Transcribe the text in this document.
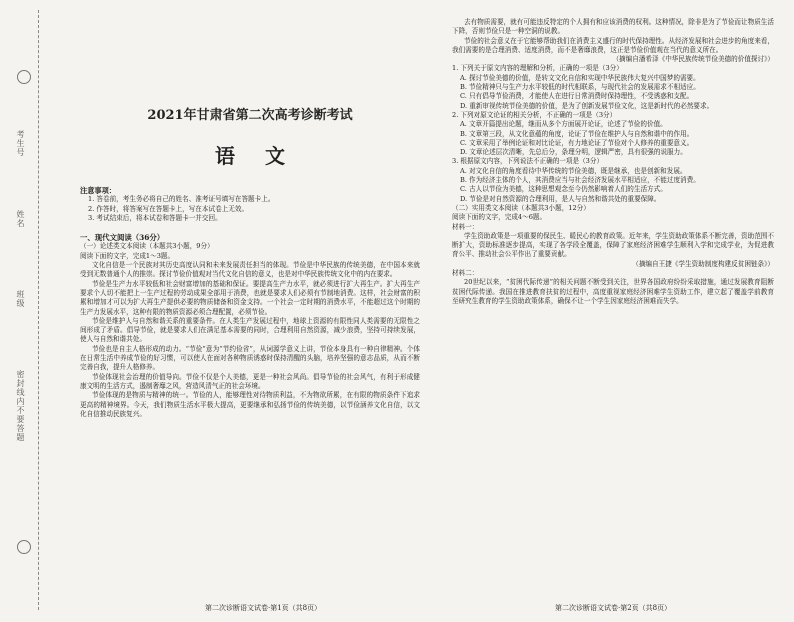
考生号
姓名
班级
密封线内不要答题
2021年甘肃省第二次高考诊断考试
语文
注意事项：
1. 答卷前，考生务必将自己的姓名、准考证号填写在答题卡上。
2. 作答时，将答案写在答题卡上，写在本试卷上无效。
3. 考试结束后，将本试卷和答题卡一并交回。
一、现代文阅读（36分）
（一）论述类文本阅读（本题共3小题，9分）
阅读下面的文字，完成1～3题。

文化自信是一个民族对其历史高度认同和未来发展责任担当的体现。节俭是中华民族的传统美德，在中国本来就受到无数普通个人的推崇。探讨节俭价值观对当代文化自信的意义，也是对中华民族传统文化中的内在要求。

节俭是生产力水平较低和社会财富增加的基础和保证。要提高生产力水平，就必须进行扩大再生产。扩大再生产要求个人切不能把上一生产过程的劳动成果全部用于消费，也就是要求人们必须有节制地消费。这样，社会财富的积累和增加才可以为扩大再生产提供必要的物质储备和资金支持。一个社会一定时期的消费水平，不能超过这个时期的生产力发展水平，这种有限的物质资源必须合理配置，必须节俭。

节俭是维护人与自然和谐关系的重要条件。在人类生产发展过程中，地球上资源的有限性同人类需要的无限性之间形成了矛盾。倡导节俭，就是要求人们在满足基本需要的同时，合理利用自然资源，减少浪费，坚持可持续发展，使人与自然和谐共处。

节俭也是自主人格形成的动力。“节俭”意为“节约俭省”，从词源学意义上讲，节俭本身具有一种自律精神。个体在日常生活中养成节俭的好习惯，可以使人在面对各种物质诱惑时保持清醒的头脑，培养坚强的意志品质，从而不断完善自我，提升人格修养。

节俭体现社会治理的价值导向。节俭不仅是个人美德，更是一种社会风尚。倡导节俭的社会风气，有利于形成健康文明的生活方式，遏制奢靡之风，营造风清气正的社会环境。

节俭体现的是物质与精神的统一。节俭的人，能够理性对待物质利益，不为物欲所累，在有限的物质条件下追求更高的精神境界。今天，我们物质生活水平极大提高，更要继承和弘扬节俭的传统美德，以节俭涵养文化自信，以文化自信推动民族复兴。

去有物质需要，就有可能违反特定的个人拥有和应该消费的权利。这种情况，除非是为了节俭而让物质生活下降，否则节俭只是一种空洞的说教。

节俭的社会意义在于它能够帮助我们在消费主义盛行的时代保持理性。从经济发展和社会进步的角度来看，我们需要的是合理消费、适度消费，而不是奢靡浪费，这正是节俭价值观在当代的意义所在。

（摘编自潘希泽《中华民族传统节俭美德的价值探讨》）
1. 下列关于原文内容的理解和分析，正确的一项是（3分）
A. 探讨节俭美德的价值，是转文文化自信和实现中华民族伟大复兴中国梦的需要。
B. 节俭精神只与生产力水平较低的时代相联系，与现代社会的发展需求不相适应。
C. 只有倡导节俭消费，才能使人在进行日常消费时保持理性，不受诱惑和支配。
D. 重新审视传统节俭美德的价值，是为了创新发展节俭文化，这是新时代的必然要求。
2. 下列对原文论证的相关分析，不正确的一项是（3分）
A. 文章开篇提出论题，继而从多个方面展开论证，论述了节俭的价值。
B. 文章第三段，从文化意蕴的角度，论证了节俭在维护人与自然和谐中的作用。
C. 文章采用了举例论证和对比论证，有力地论证了节俭对个人修养的重要意义。
D. 文章论述层次清晰，先总后分，条理分明，逻辑严密，具有很强的说服力。
3. 根据原文内容，下列说法不正确的一项是（3分）
A. 对文化自信的角度看待中华传统的节俭美德，既是继承，也是创新和发展。
B. 作为经济主体的个人，其消费应当与社会经济发展水平相适应，不能过度消费。
C. 古人以节俭为美德，这种思想观念至今仍然影响着人们的生活方式。
D. 节俭是对自然资源的合理利用，是人与自然和谐共处的重要保障。
（二）实用类文本阅读（本题共3小题，12分）
阅读下面的文字，完成4～6题。
材料一：

学生资助政策是一项重要的保民生、暖民心的教育政策。近年来，学生资助政策体系不断完善，资助范围不断扩大，资助标准逐步提高，实现了各学段全覆盖，保障了家庭经济困难学生顺利入学和完成学业，为促进教育公平、推动社会公平作出了重要贡献。

（摘编自王捷《学生资助制度构建反贫困链条》）
材料二：

20世纪以来，“贫困代际传递”的相关问题不断受到关注，世界各国政府纷纷采取措施，通过发展教育阻断贫困代际传递。我国在推进教育扶贫的过程中，高度重视家庭经济困难学生资助工作，建立起了覆盖学前教育至研究生教育的学生资助政策体系，确保不让一个学生因家庭经济困难而失学。

第二次诊断语文试卷·第1页（共8页）	第二次诊断语文试卷·第2页（共8页）
